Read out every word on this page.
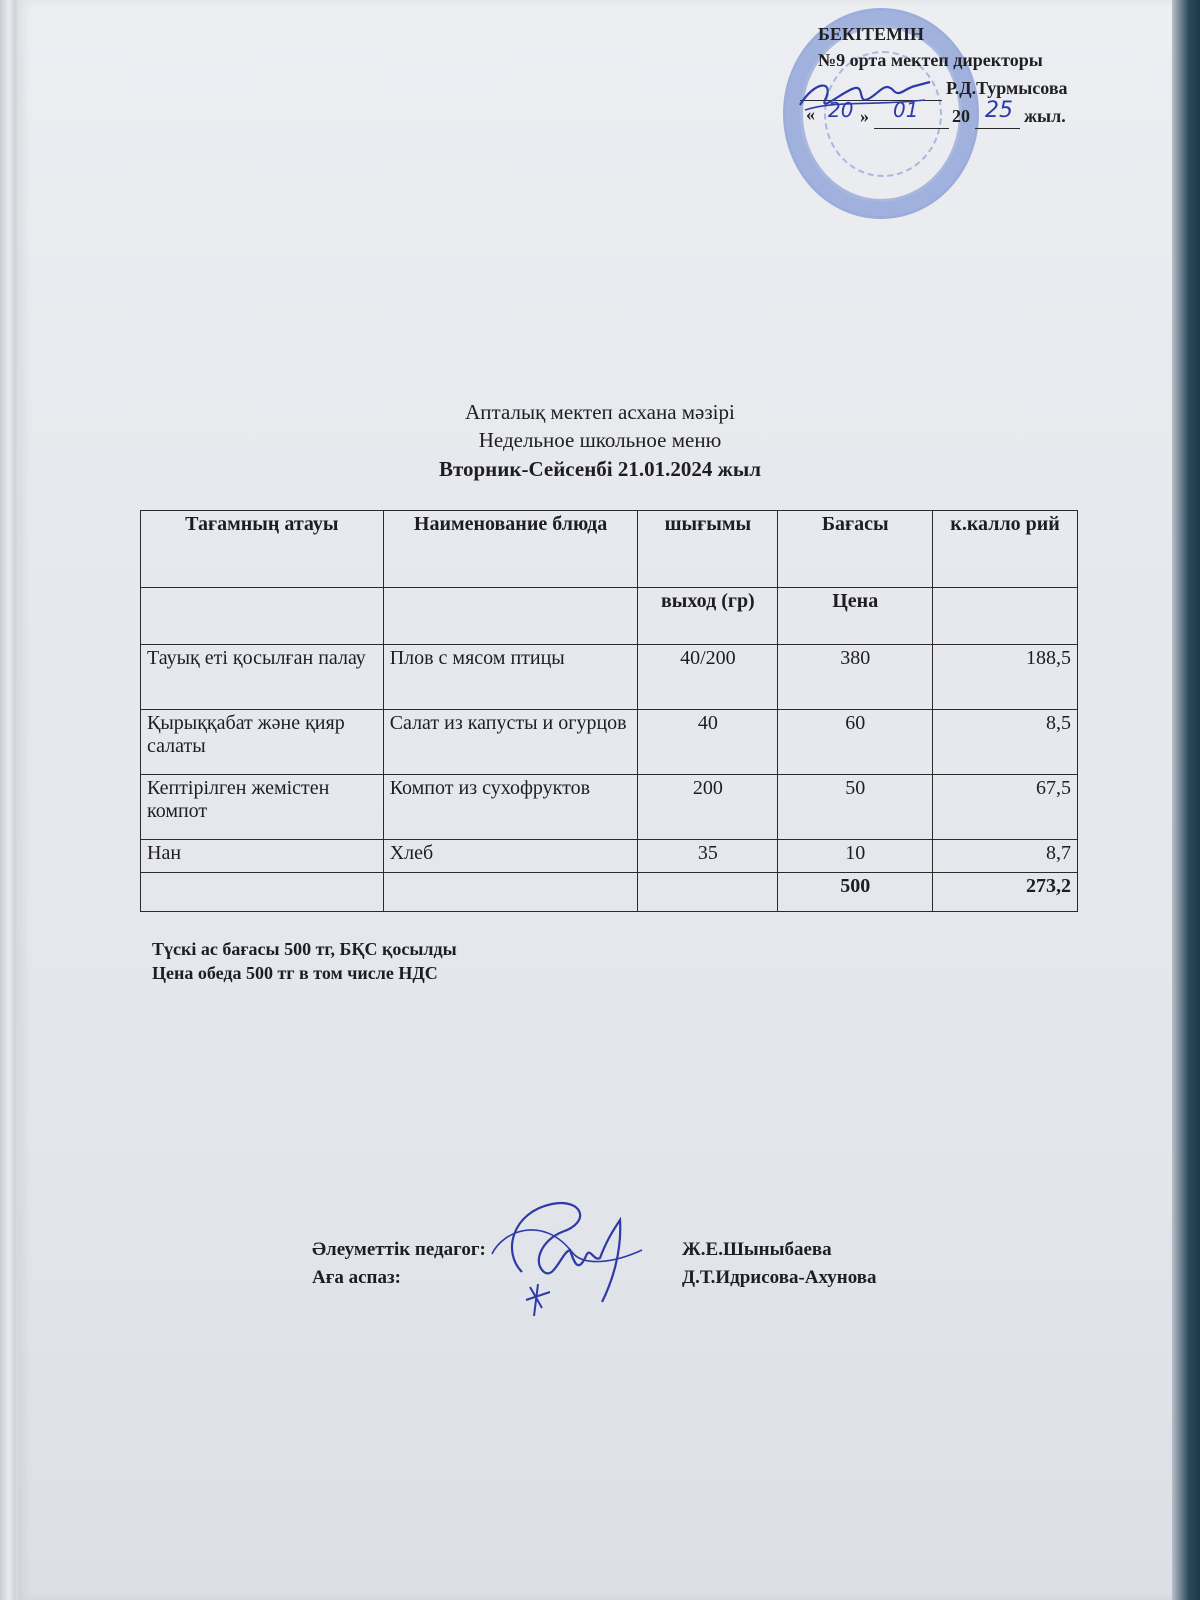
БЕКІТЕМІН
№9 орта мектеп директоры
Р.Д.Турмысова
« 20 » 01 20 25 жыл.
Апталық мектеп асхана мәзірі
Недельное школьное меню
Вторник-Сейсенбі 21.01.2024 жыл
Тағамның атауы	Наименование блюда	шығымы	Бағасы	к.калло рий
		выход (гр)	Цена	
Тауық еті қосылған палау	Плов с мясом птицы	40/200	380	188,5
Қырыққабат және қияр салаты	Салат из капусты и огурцов	40	60	8,5
Кептірілген жемістен компот	Компот из сухофруктов	200	50	67,5
Нан	Хлеб	35	10	8,7
			500	273,2
Түскі ас бағасы 500 тг, БҚС қосылды
Цена обеда 500 тг в том числе НДС
Әлеуметтік педагог:	Ж.Е.Шыныбаева
Аға аспаз:	Д.Т.Идрисова-Ахунова
